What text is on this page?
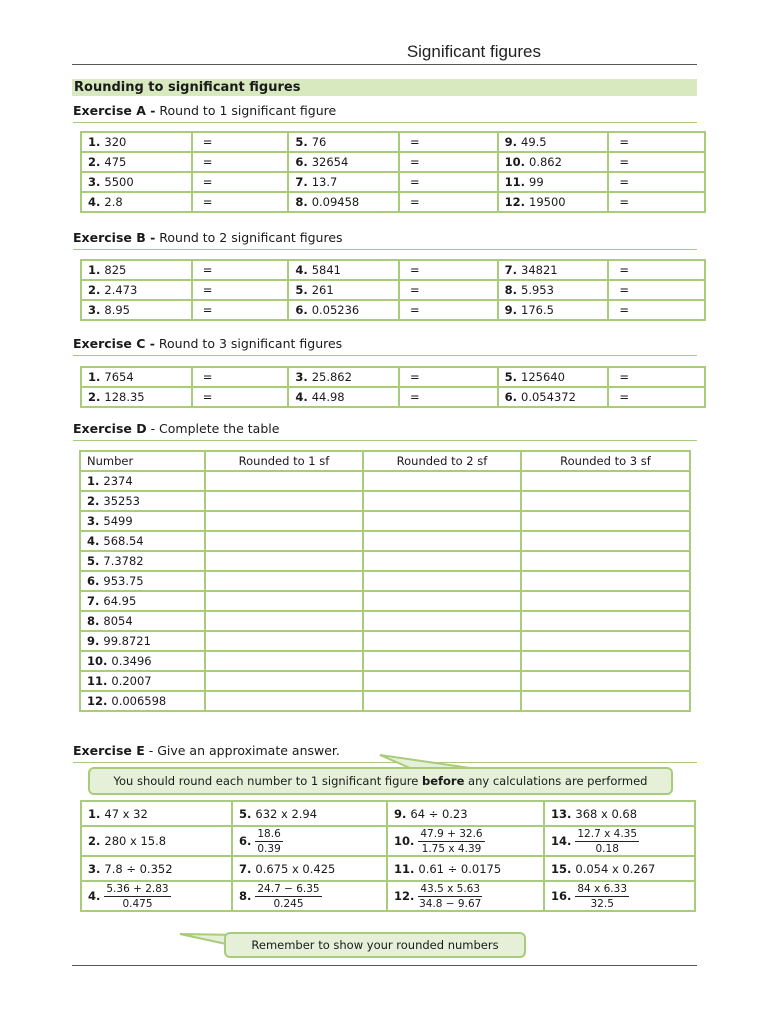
Significant figures
Rounding to significant figures
Exercise A - Round to 1 significant figure
1. 320	=	5. 76	=	9. 49.5	=
2. 475	=	6. 32654	=	10. 0.862	=
3. 5500	=	7. 13.7	=	11. 99	=
4. 2.8	=	8. 0.09458	=	12. 19500	=
Exercise B - Round to 2 significant figures
1. 825	=	4. 5841	=	7. 34821	=
2. 2.473	=	5. 261	=	8. 5.953	=
3. 8.95	=	6. 0.05236	=	9. 176.5	=
Exercise C - Round to 3 significant figures
1. 7654	=	3. 25.862	=	5. 125640	=
2. 128.35	=	4. 44.98	=	6. 0.054372	=
Exercise D - Complete the table
Number	Rounded to 1 sf	Rounded to 2 sf	Rounded to 3 sf
1. 2374			
2. 35253			
3. 5499			
4. 568.54			
5. 7.3782			
6. 953.75			
7. 64.95			
8. 8054			
9. 99.8721			
10. 0.3496			
11. 0.2007			
12. 0.006598			
Exercise E - Give an approximate answer.
You should round each number to 1 significant figure before any calculations are performed
1. 47 x 32	5. 632 x 2.94	9. 64 ÷ 0.23	13. 368 x 0.68
2. 280 x 15.8	6. $\frac{18.6}{0.39}$	10. $\frac{47.9 + 32.6}{1.75 x 4.39}$	14. $\frac{12.7 x 4.35}{0.18}$

3. 7.8 ÷ 0.352	7. 0.675 x 0.425	11. 0.61 ÷ 0.0175	15. 0.054 x 0.267
4. $\frac{5.36 + 2.83}{0.475}$	8. $\frac{24.7 - 6.35}{0.245}$	12. $\frac{43.5 x 5.63}{34.8 - 9.67}$	16. $\frac{84 x 6.33}{32.5}$
Remember to show your rounded numbers
